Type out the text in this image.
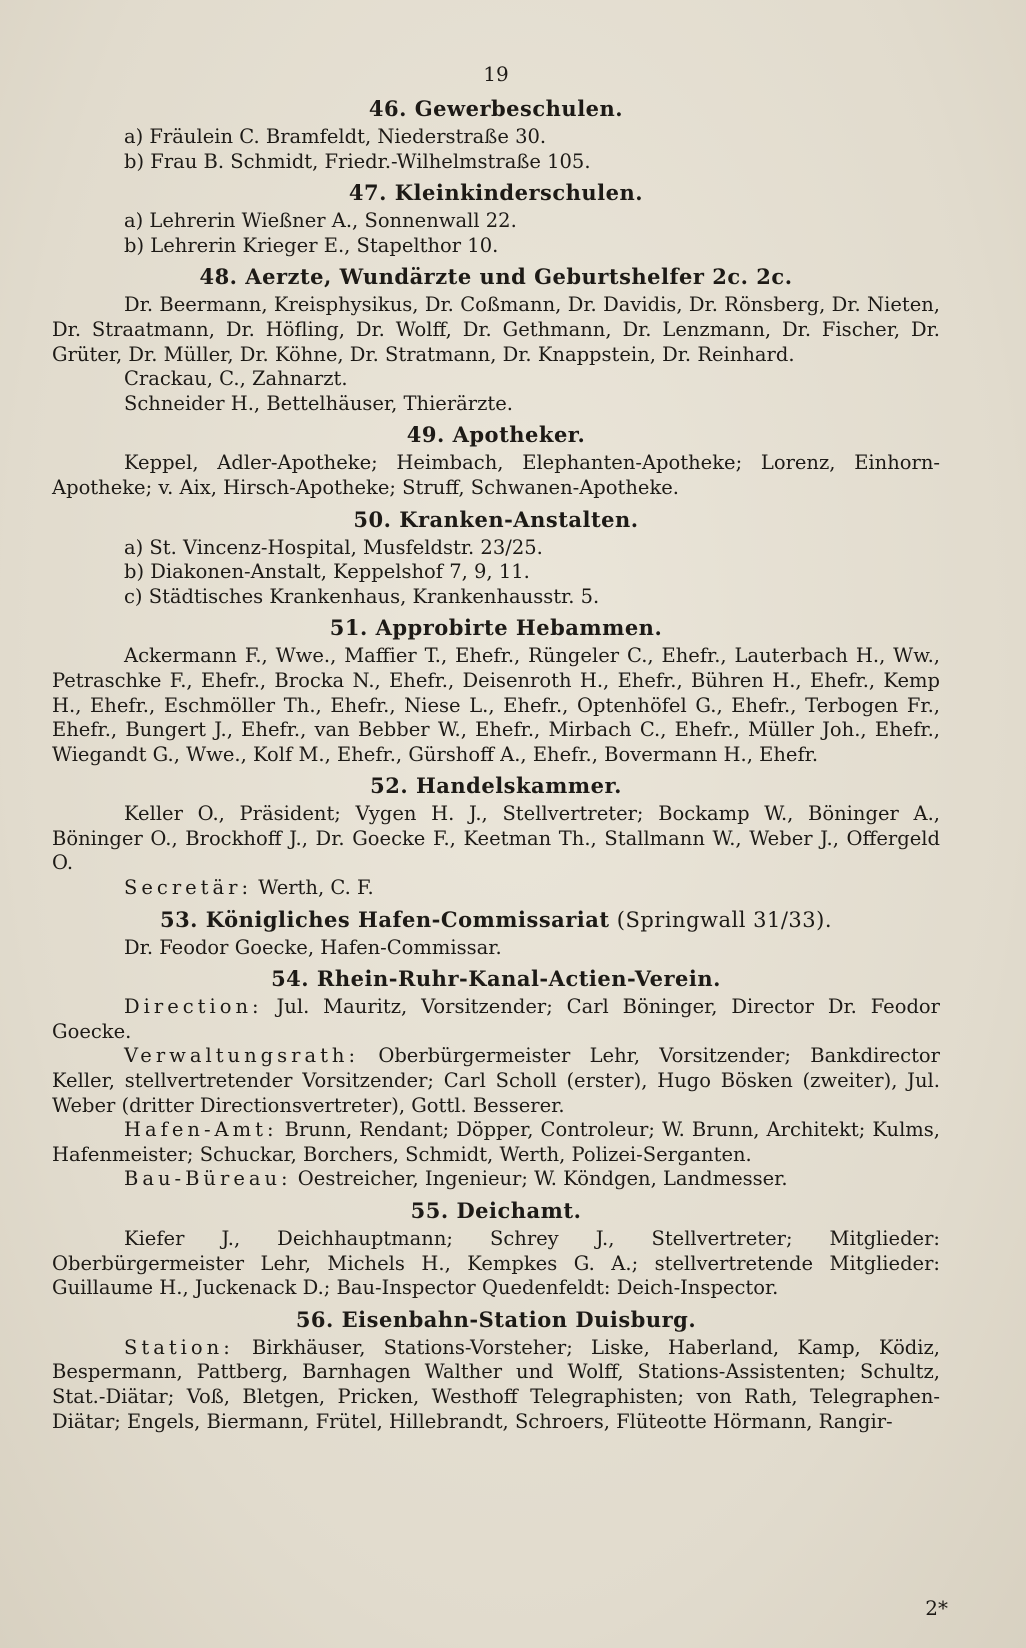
19
46. Gewerbeschulen.
a) Fräulein C. Bramfeldt, Niederstraße 30.
b) Frau B. Schmidt, Friedr.-Wilhelmstraße 105.
47. Kleinkinderschulen.
a) Lehrerin Wießner A., Sonnenwall 22.
b) Lehrerin Krieger E., Stapelthor 10.
48. Aerzte, Wundärzte und Geburtshelfer 2c. 2c.

Dr. Beermann, Kreisphysikus, Dr. Coßmann, Dr. Davidis, Dr. Rönsberg, Dr. Nieten, Dr. Straatmann, Dr. Höfling, Dr. Wolff, Dr. Gethmann, Dr. Lenzmann, Dr. Fischer, Dr. Grüter, Dr. Müller, Dr. Köhne, Dr. Stratmann, Dr. Knappstein, Dr. Reinhard.

Crackau, C., Zahnarzt.

Schneider H., Bettelhäuser, Thierärzte.

49. Apotheker.

Keppel, Adler-Apotheke; Heimbach, Elephanten-Apotheke; Lorenz, Einhorn-Apotheke; v. Aix, Hirsch-Apotheke; Struff, Schwanen-Apotheke.

50. Kranken-Anstalten.
a) St. Vincenz-Hospital, Musfeldstr. 23/25.
b) Diakonen-Anstalt, Keppelshof 7, 9, 11.
c) Städtisches Krankenhaus, Krankenhausstr. 5.
51. Approbirte Hebammen.

Ackermann F., Wwe., Maffier T., Ehefr., Rüngeler C., Ehefr., Lauterbach H., Ww., Petraschke F., Ehefr., Brocka N., Ehefr., Deisenroth H., Ehefr., Bühren H., Ehefr., Kemp H., Ehefr., Eschmöller Th., Ehefr., Niese L., Ehefr., Optenhöfel G., Ehefr., Terbogen Fr., Ehefr., Bungert J., Ehefr., van Bebber W., Ehefr., Mirbach C., Ehefr., Müller Joh., Ehefr., Wiegandt G., Wwe., Kolf M., Ehefr., Gürshoff A., Ehefr., Bovermann H., Ehefr.

52. Handelskammer.

Keller O., Präsident; Vygen H. J., Stellvertreter; Bockamp W., Böninger A., Böninger O., Brockhoff J., Dr. Goecke F., Keetman Th., Stallmann W., Weber J., Offergeld O.

Secretär: Werth, C. F.
53. Königliches Hafen-Commissariat (Springwall 31/33).
Dr. Feodor Goecke, Hafen-Commissar.
54. Rhein-Ruhr-Kanal-Actien-Verein.

Direction: Jul. Mauritz, Vorsitzender; Carl Böninger, Director Dr. Feodor Goecke.

Verwaltungsrath: Oberbürgermeister Lehr, Vorsitzender; Bankdirector Keller, stellvertretender Vorsitzender; Carl Scholl (erster), Hugo Bösken (zweiter), Jul. Weber (dritter Directionsvertreter), Gottl. Besserer.

Hafen-Amt: Brunn, Rendant; Döpper, Controleur; W. Brunn, Architekt; Kulms, Hafenmeister; Schuckar, Borchers, Schmidt, Werth, Polizei-Serganten.

Bau-Büreau: Oestreicher, Ingenieur; W. Köndgen, Landmesser.

55. Deichamt.

Kiefer J., Deichhauptmann; Schrey J., Stellvertreter; Mitglieder: Oberbürgermeister Lehr, Michels H., Kempkes G. A.; stellvertretende Mitglieder: Guillaume H., Juckenack D.; Bau-Inspector Quedenfeldt: Deich-Inspector.

56. Eisenbahn-Station Duisburg.

Station: Birkhäuser, Stations-Vorsteher; Liske, Haberland, Kamp, Ködiz, Bespermann, Pattberg, Barnhagen Walther und Wolff, Stations-Assistenten; Schultz, Stat.-Diätar; Voß, Bletgen, Pricken, Westhoff Telegraphisten; von Rath, Telegraphen-Diätar; Engels, Biermann, Frütel, Hillebrandt, Schroers, Flüteotte Hörmann, Rangir-

2*
